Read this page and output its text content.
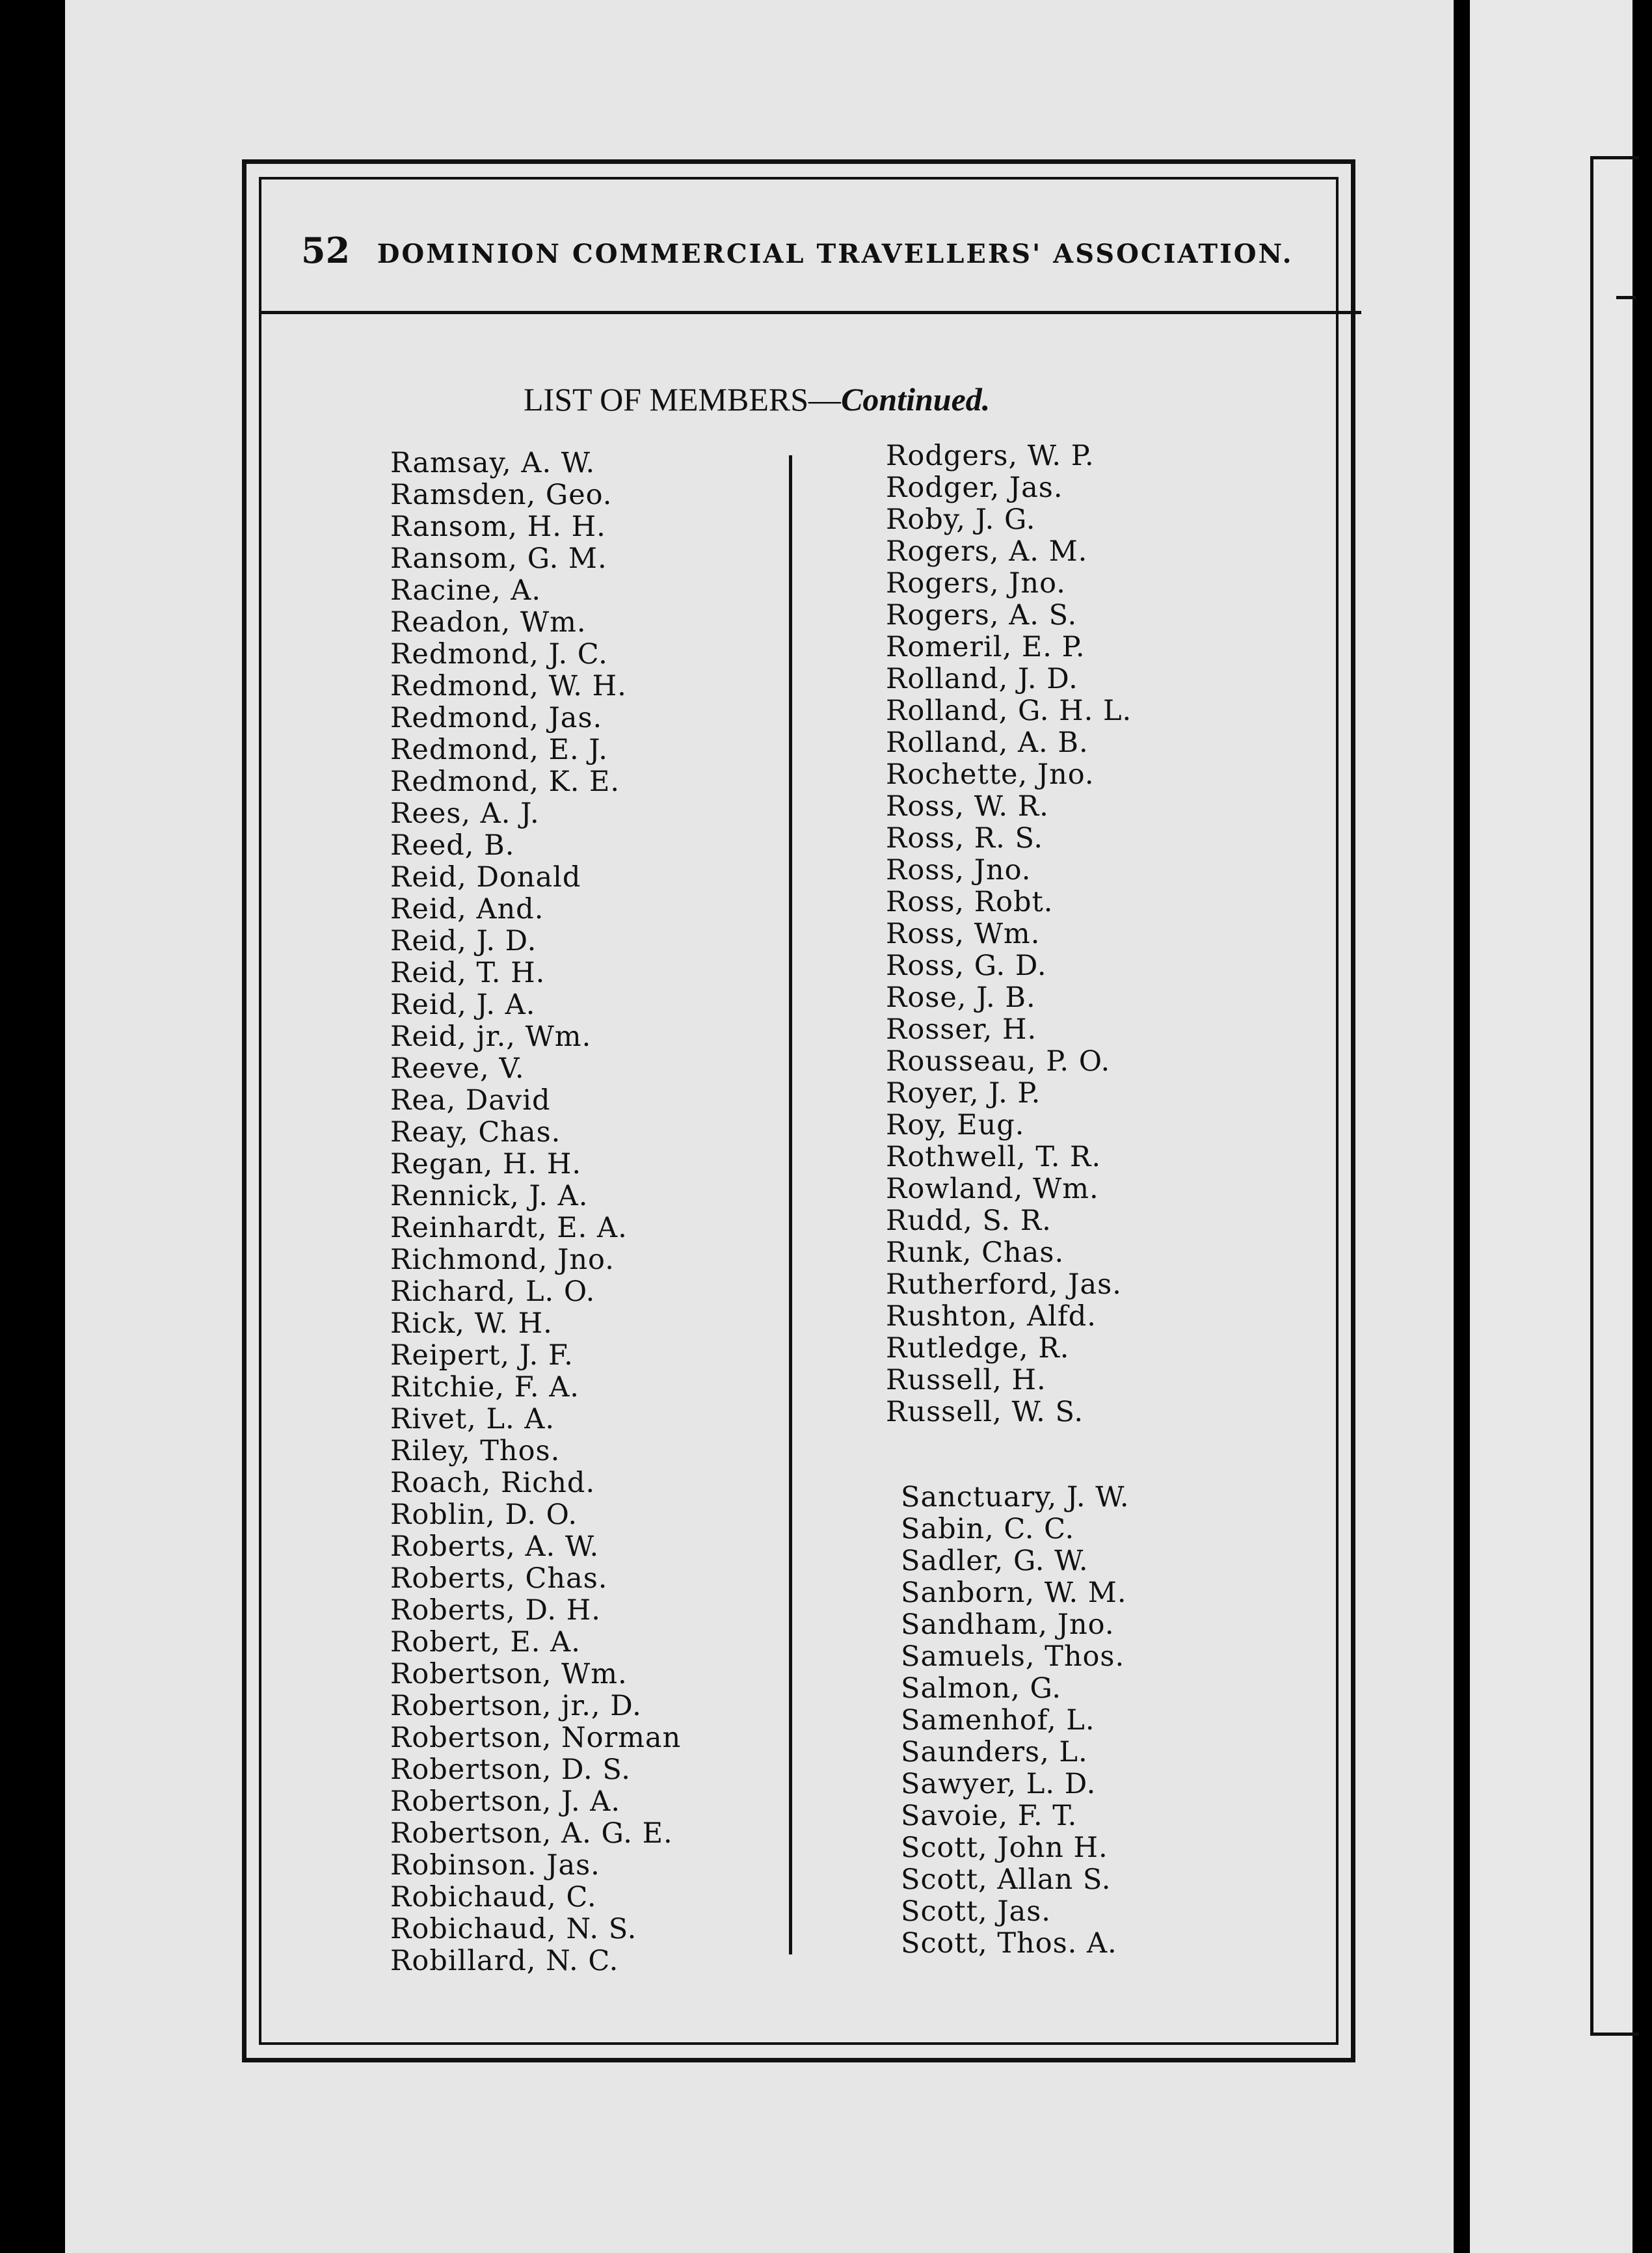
52 DOMINION COMMERCIAL TRAVELLERS' ASSOCIATION.
LIST OF MEMBERS—Continued.
Ramsay, A. W.
Ramsden, Geo.
Ransom, H. H.
Ransom, G. M.
Racine, A.
Readon, Wm.
Redmond, J. C.
Redmond, W. H.
Redmond, Jas.
Redmond, E. J.
Redmond, K. E.
Rees, A. J.
Reed, B.
Reid, Donald
Reid, And.
Reid, J. D.
Reid, T. H.
Reid, J. A.
Reid, jr., Wm.
Reeve, V.
Rea, David
Reay, Chas.
Regan, H. H.
Rennick, J. A.
Reinhardt, E. A.
Richmond, Jno.
Richard, L. O.
Rick, W. H.
Reipert, J. F.
Ritchie, F. A.
Rivet, L. A.
Riley, Thos.
Roach, Richd.
Roblin, D. O.
Roberts, A. W.
Roberts, Chas.
Roberts, D. H.
Robert, E. A.
Robertson, Wm.
Robertson, jr., D.
Robertson, Norman
Robertson, D. S.
Robertson, J. A.
Robertson, A. G. E.
Robinson. Jas.
Robichaud, C.
Robichaud, N. S.
Robillard, N. C.
Rodgers, W. P.
Rodger, Jas.
Roby, J. G.
Rogers, A. M.
Rogers, Jno.
Rogers, A. S.
Romeril, E. P.
Rolland, J. D.
Rolland, G. H. L.
Rolland, A. B.
Rochette, Jno.
Ross, W. R.
Ross, R. S.
Ross, Jno.
Ross, Robt.
Ross, Wm.
Ross, G. D.
Rose, J. B.
Rosser, H.
Rousseau, P. O.
Royer, J. P.
Roy, Eug.
Rothwell, T. R.
Rowland, Wm.
Rudd, S. R.
Runk, Chas.
Rutherford, Jas.
Rushton, Alfd.
Rutledge, R.
Russell, H.
Russell, W. S.
Sanctuary, J. W.
Sabin, C. C.
Sadler, G. W.
Sanborn, W. M.
Sandham, Jno.
Samuels, Thos.
Salmon, G.
Samenhof, L.
Saunders, L.
Sawyer, L. D.
Savoie, F. T.
Scott, John H.
Scott, Allan S.
Scott, Jas.
Scott, Thos. A.
